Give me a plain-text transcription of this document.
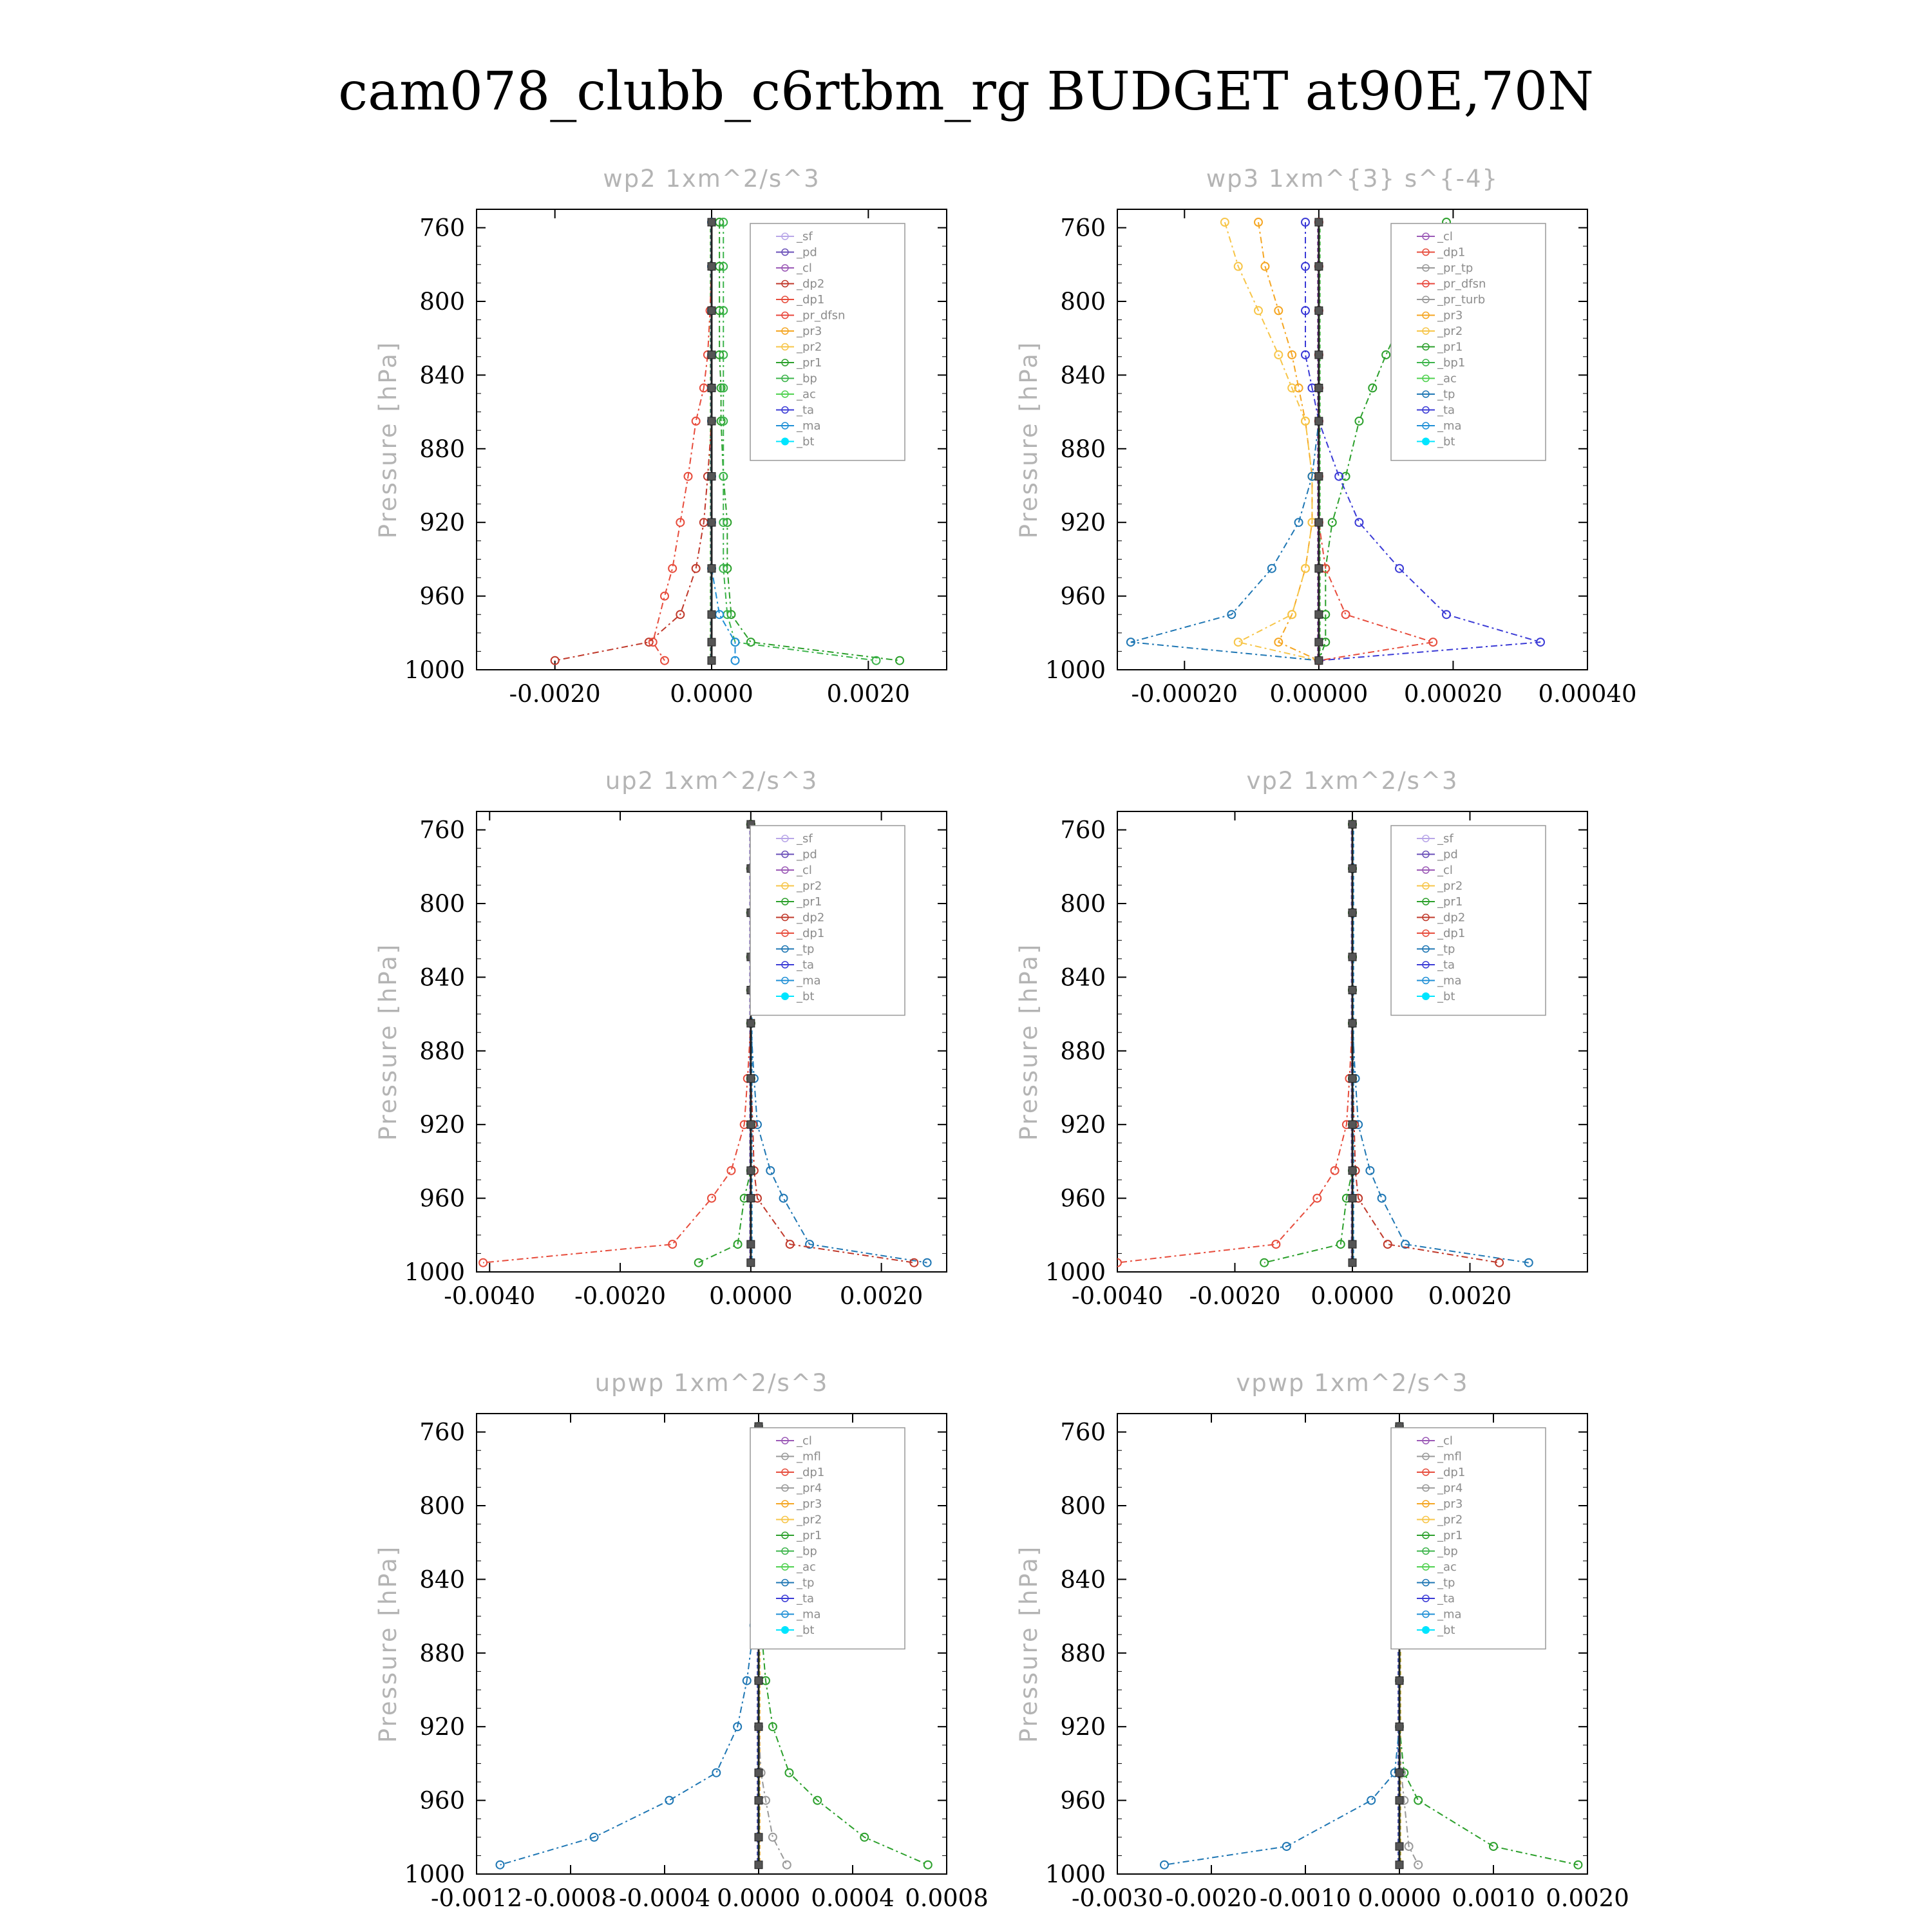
cam078_clubb_c6rtbm_rg BUDGET at90E,70N
wp2 1xm^2/s^3
Pressure [hPa]
760
800
840
880
920
960
1000
-0.0020	0.0000	0.0020
_sf
_pd
_cl
_dp2
_dp1
_pr_dfsn
_pr3
_pr2
_pr1
_bp
_ac
_ta
_ma
_bt
wp3 1xm^{3} s^{-4}
Pressure [hPa]
760
800
840
880
920
960
1000
-0.00020 0.00000 0.00020 0.00040
_cl
_dp1
_pr_tp
_pr_dfsn
_pr_turb
_pr3
_pr2
_pr1
_bp1
_ac
_tp
_ta
_ma
_bt
up2 1xm^2/s^3
Pressure [hPa]
760
800
840
880
920
960
1000
-0.0040 -0.0020 0.0000 0.0020
_sf
_pd
_cl
_pr2
_pr1
_dp2
_dp1
_tp
_ta
_ma
_bt
vp2 1xm^2/s^3
Pressure [hPa]
760
800
840
880
920
960
1000
-0.0040 -0.0020 0.0000 0.0020
_sf
_pd
_cl
_pr2
_pr1
_dp2
_dp1
_tp
_ta
_ma
_bt
upwp 1xm^2/s^3
Pressure [hPa]
760
800
840
880
920
960
1000
-0.0012 -0.0008 -0.0004 0.0000 0.0004 0.0008
_cl
_mfl
_dp1
_pr4
_pr3
_pr2
_pr1
_bp
_ac
_tp
_ta
_ma
_bt
vpwp 1xm^2/s^3
Pressure [hPa]
760
800
840
880
920
960
1000
-0.0030 -0.0020 -0.0010 0.0000 0.0010 0.0020
_cl
_mfl
_dp1
_pr4
_pr3
_pr2
_pr1
_bp
_ac
_tp
_ta
_ma
_bt
